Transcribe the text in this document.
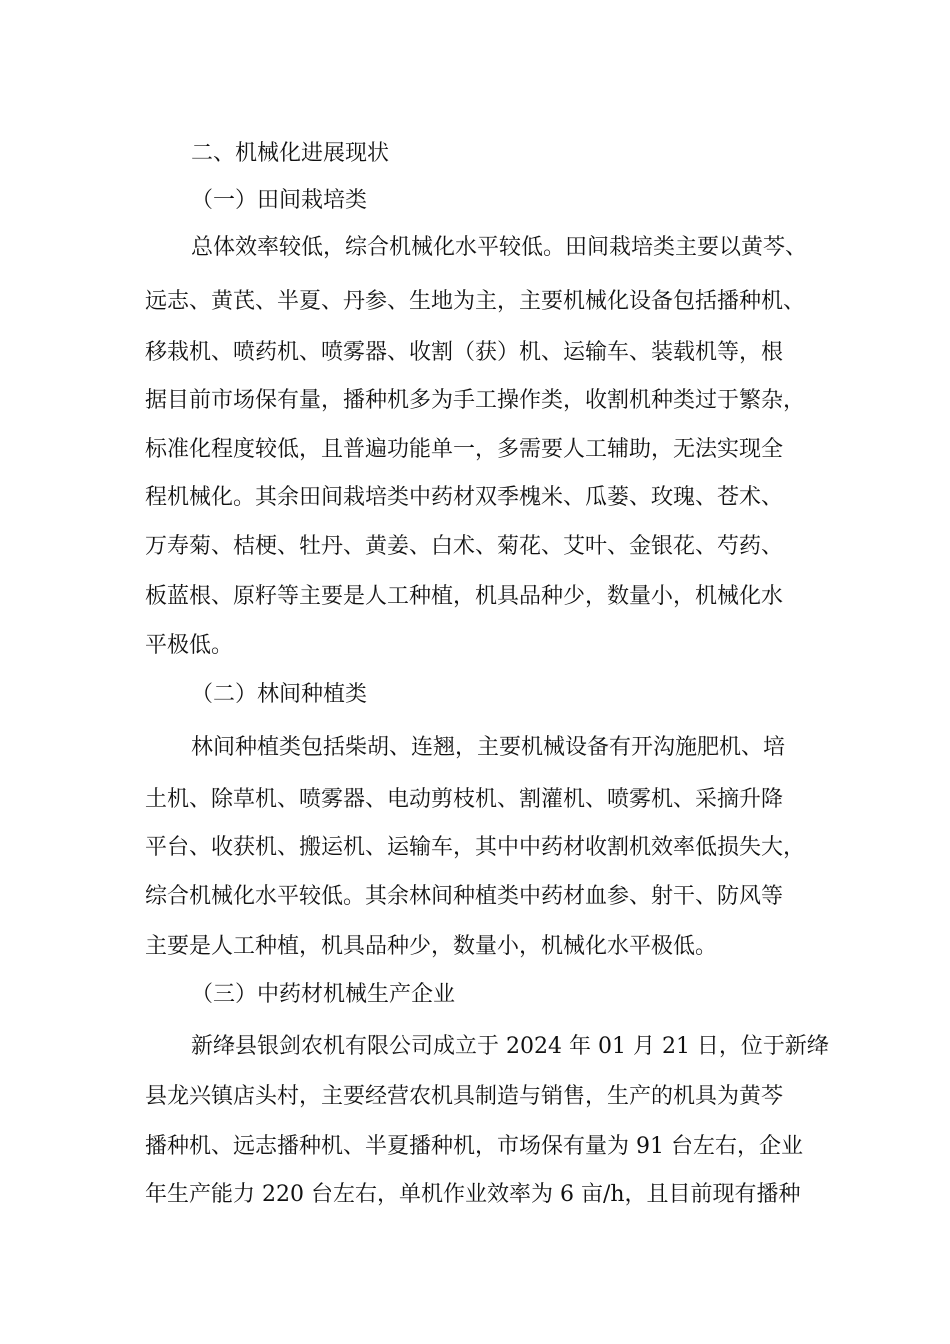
二、机械化进展现状
（一）田间栽培类
总体效率较低，综合机械化水平较低。田间栽培类主要以黄芩、
远志、黄芪、半夏、丹参、生地为主，主要机械化设备包括播种机、
移栽机、喷药机、喷雾器、收割（获）机、运输车、装载机等，根
据目前市场保有量，播种机多为手工操作类，收割机种类过于繁杂，
标准化程度较低，且普遍功能单一，多需要人工辅助，无法实现全
程机械化。其余田间栽培类中药材双季槐米、瓜蒌、玫瑰、苍术、
万寿菊、桔梗、牡丹、黄姜、白术、菊花、艾叶、金银花、芍药、
板蓝根、原籽等主要是人工种植，机具品种少，数量小，机械化水
平极低。
（二）林间种植类
林间种植类包括柴胡、连翘，主要机械设备有开沟施肥机、培
土机、除草机、喷雾器、电动剪枝机、割灌机、喷雾机、采摘升降
平台、收获机、搬运机、运输车，其中中药材收割机效率低损失大，
综合机械化水平较低。其余林间种植类中药材血参、射干、防风等
主要是人工种植，机具品种少，数量小，机械化水平极低。
（三）中药材机械生产企业
新绛县银剑农机有限公司成立于 2024 年 01 月 21 日，位于新绛
县龙兴镇店头村，主要经营农机具制造与销售，生产的机具为黄芩
播种机、远志播种机、半夏播种机，市场保有量为 91 台左右，企业
年生产能力 220 台左右，单机作业效率为 6 亩/h，且目前现有播种
